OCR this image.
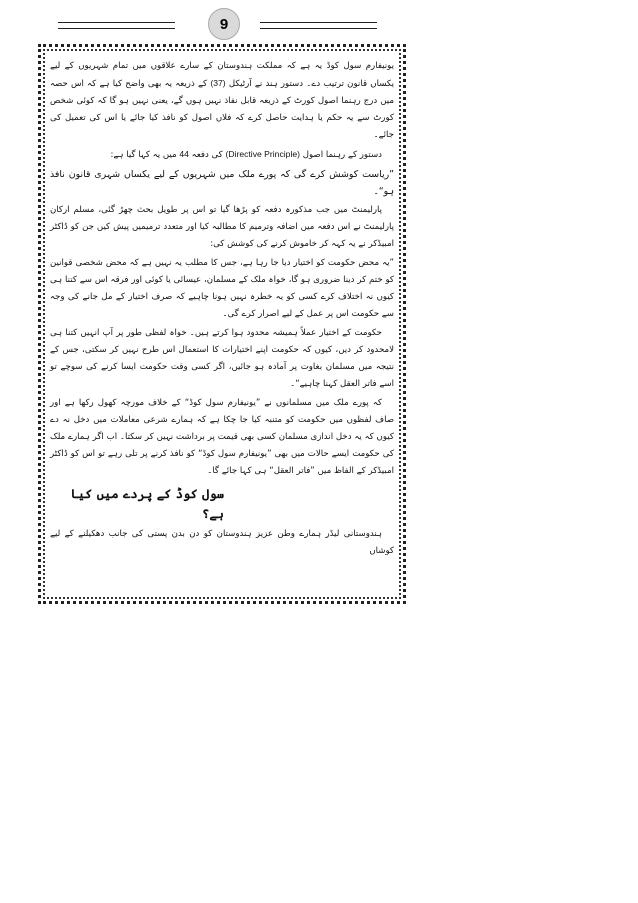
9

یونیفارم سول کوڈ یہ ہے کہ مملکت ہندوستان کے سارے علاقوں میں تمام شہریوں کے لیے یکساں قانون ترتیب دے۔ دستور ہند نے آرٹیکل (37) کے ذریعہ یہ بھی واضح کیا ہے کہ اس حصہ میں درج رہنما اصول کورٹ کے ذریعہ قابل نفاذ نہیں ہوں گے، یعنی نہیں ہو گا کہ کوئی شخص کورٹ سے یہ حکم یا ہدایت حاصل کرے کہ فلاں اصول کو نافذ کیا جائے یا اس کی تعمیل کی جائے۔

دستور کے رہنما اصول (Directive Principle) کی دفعہ 44 میں یہ کہا گیا ہے:

”ریاست کوشش کرے گی کہ پورے ملک میں شہریوں کے لیے یکساں شہری قانون نافذ ہو“۔

پارلیمنٹ میں جب مذکورہ دفعہ کو پڑھا گیا تو اس پر طویل بحث چھڑ گئی، مسلم ارکان پارلیمنٹ نے اس دفعہ میں اضافہ وترمیم کا مطالبہ کیا اور متعدد ترمیمیں پیش کیں جن کو ڈاکٹر امبیڈکر نے یہ کہہ کر خاموش کرنے کی کوشش کی:

”یہ محض حکومت کو اختیار دیا جا رہا ہے، جس کا مطلب یہ نہیں ہے کہ محض شخصی قوانین کو ختم کر دینا ضروری ہو گا، خواہ ملک کے مسلمان، عیسائی یا کوئی اور فرقہ اس سے کتنا ہی کیوں نہ اختلاف کرے کسی کو یہ خطرہ نہیں ہونا چاہیے کہ صرف اختیار کے مل جانے کی وجہ سے حکومت اس پر عمل کے لیے اصرار کرے گی۔

حکومت کے اختیار عملاً ہمیشہ محدود ہوا کرتے ہیں۔ خواہ لفظی طور پر آپ انہیں کتنا ہی لامحدود کر دیں، کیوں کہ حکومت اپنے اختیارات کا استعمال اس طرح نہیں کر سکتی، جس کے نتیجہ میں مسلمان بغاوت پر آمادہ ہو جائیں، اگر کسی وقت حکومت ایسا کرنے کی سوچے تو اسے فاتر العقل کہنا چاہیے“۔

کہ پورے ملک میں مسلمانوں نے ”یونیفارم سول کوڈ“ کے خلاف مورچہ کھول رکھا ہے اور صاف لفظوں میں حکومت کو متنبہ کیا جا چکا ہے کہ ہمارے شرعی معاملات میں دخل نہ دے کیوں کہ یہ دخل اندازی مسلمان کسی بھی قیمت پر برداشت نہیں کر سکتا۔ اب اگر ہمارے ملک کی حکومت ایسے حالات میں بھی ”یونیفارم سول کوڈ“ کو نافذ کرنے پر تلی رہے تو اس کو ڈاکٹر امبیڈکر کے الفاظ میں ”فاتر العقل“ ہی کہا جائے گا۔

سول کوڈ کے پردے میں کیا ہے؟

ہندوستانی لیڈر ہمارے وطن عزیز ہندوستان کو دن بدن پستی کی جانب دھکیلنے کے لیے کوشاں
